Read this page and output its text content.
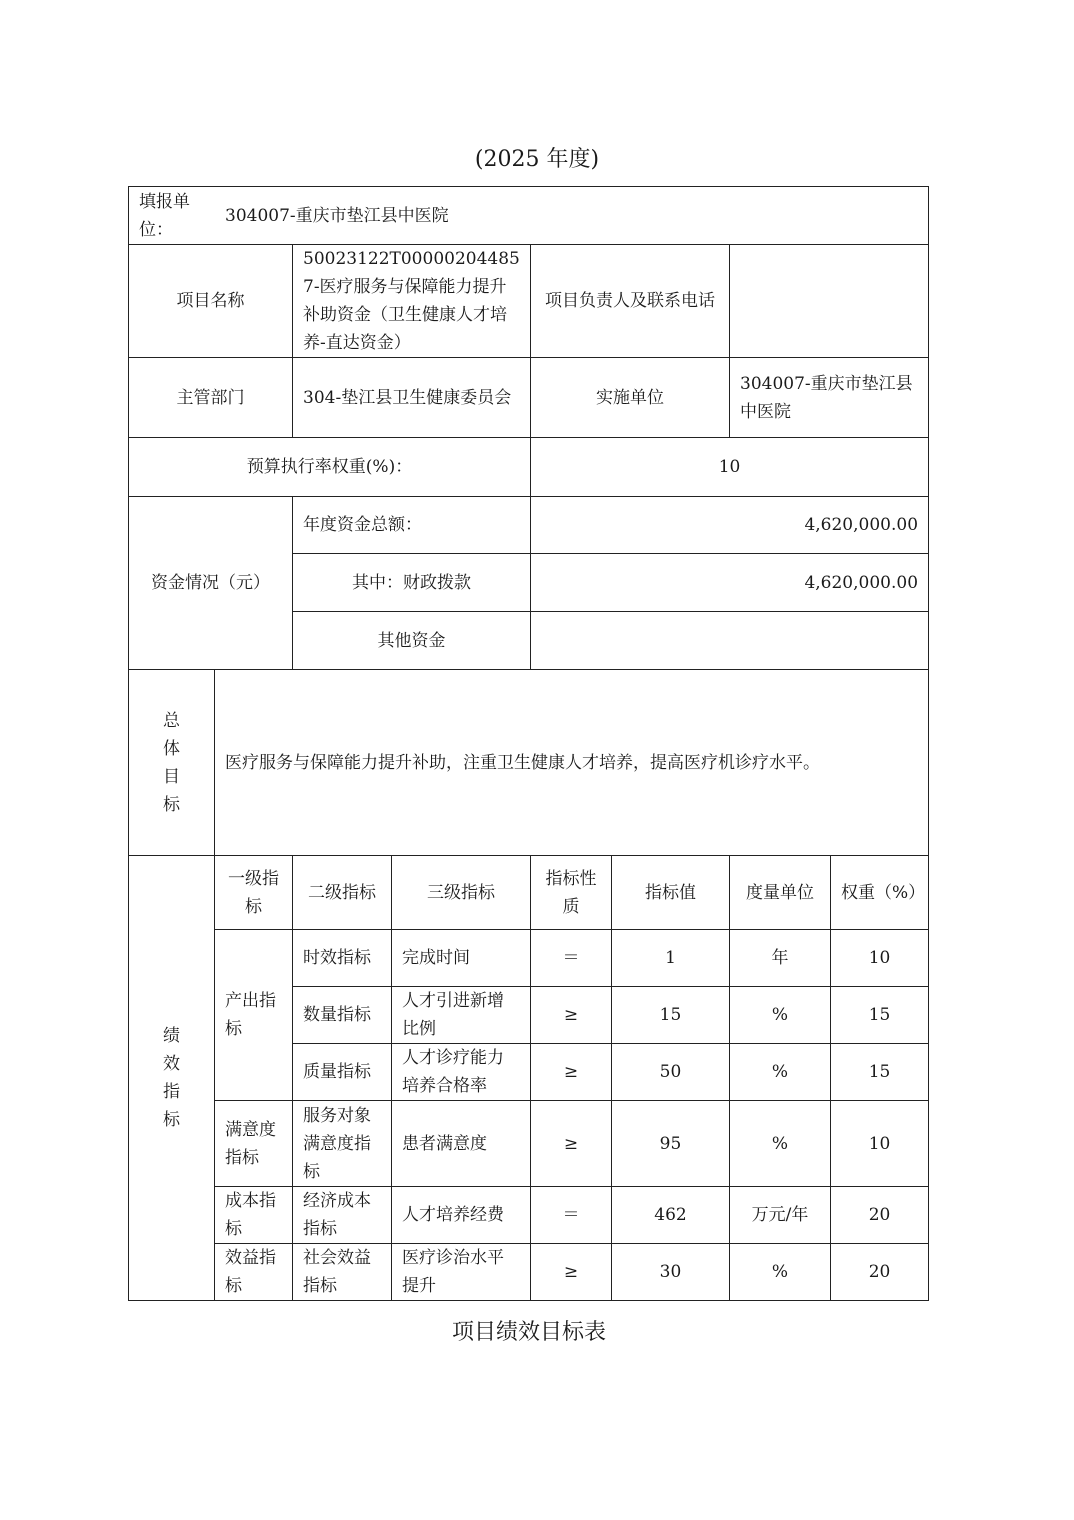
(2025 年度)
填报单位：
304007-重庆市垫江县中医院							

项目名称		50023122T000002044857-医疗服务与保障能力提升补助资金（卫生健康人才培养-直达资金）		项目负责人及联系电话			
主管部门		304-垫江县卫生健康委员会		实施单位		304007-重庆市垫江县中医院	
预算执行率权重(%)：				10			
资金情况（元）		年度资金总额：		4,620,000.00			
		其中：财政拨款		4,620,000.00			
		其他资金					
总体目标	医疗服务与保障能力提升补助，注重卫生健康人才培养，提高医疗机诊疗水平。						
绩效指标	一级指标	二级指标	三级指标	指标性质	指标值	度量单位	权重（%）
	产出指标	时效指标	完成时间	＝	1	年	10
		数量指标	人才引进新增比例	≥	15	%	15
		质量指标	人才诊疗能力培养合格率	≥	50	%	15
	满意度指标	服务对象满意度指标	患者满意度	≥	95	%	10
	成本指标	经济成本指标	人才培养经费	＝	462	万元/年	20
	效益指标	社会效益指标	医疗诊治水平提升	≥	30	%	20
项目绩效目标表
